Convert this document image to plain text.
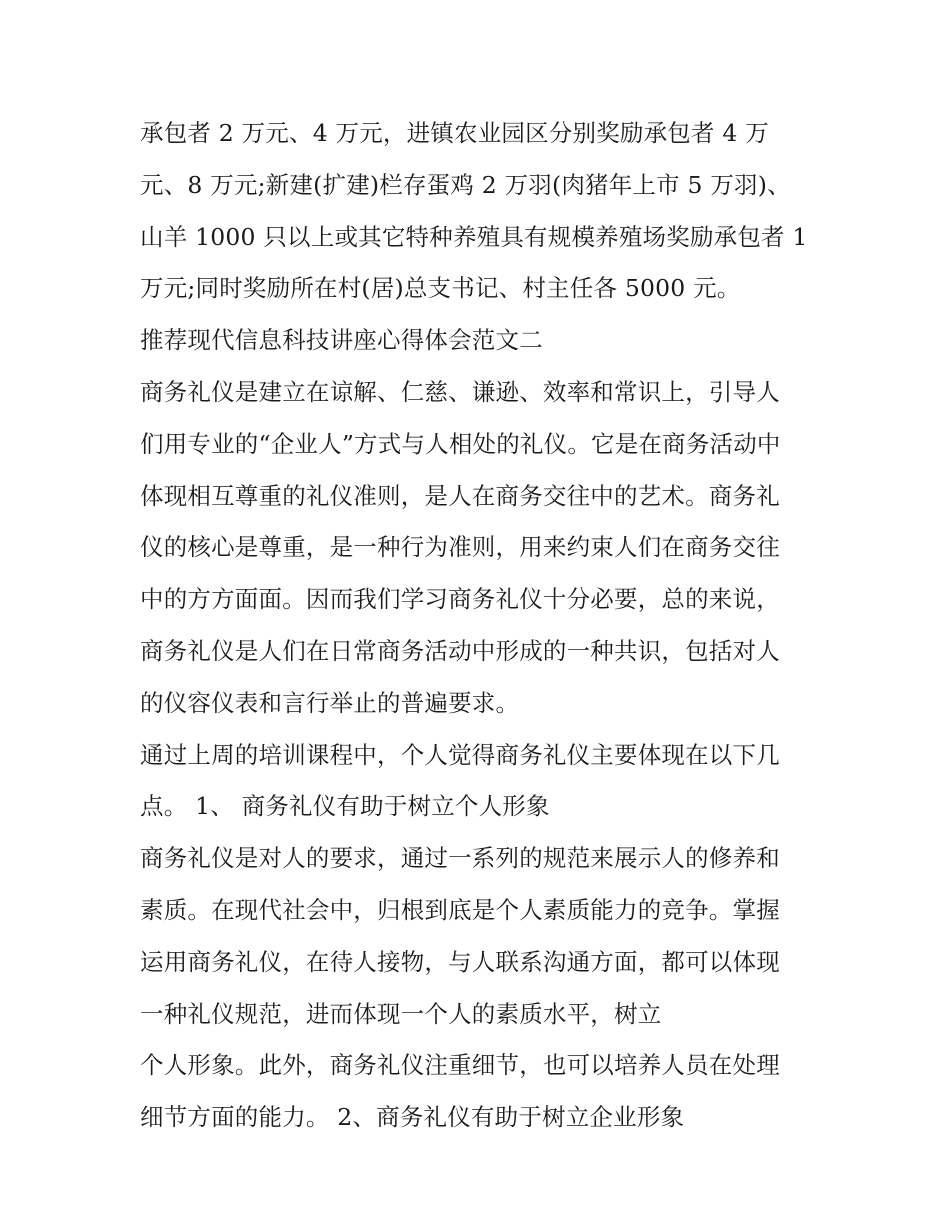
承包者 2 万元、4 万元，进镇农业园区分别奖励承包者 4 万
元、8 万元;新建(扩建)栏存蛋鸡 2 万羽(肉猪年上市 5 万羽)、
山羊 1000 只以上或其它特种养殖具有规模养殖场奖励承包者 1
万元;同时奖励所在村(居)总支书记、村主任各 5000 元。
推荐现代信息科技讲座心得体会范文二
商务礼仪是建立在谅解、仁慈、谦逊、效率和常识上，引导人
们用专业的“企业人”方式与人相处的礼仪。它是在商务活动中
体现相互尊重的礼仪准则，是人在商务交往中的艺术。商务礼
仪的核心是尊重，是一种行为准则，用来约束人们在商务交往
中的方方面面。因而我们学习商务礼仪十分必要，总的来说，
商务礼仪是人们在日常商务活动中形成的一种共识，包括对人
的仪容仪表和言行举止的普遍要求。
通过上周的培训课程中，个人觉得商务礼仪主要体现在以下几
点。 1、 商务礼仪有助于树立个人形象
商务礼仪是对人的要求，通过一系列的规范来展示人的修养和
素质。在现代社会中，归根到底是个人素质能力的竞争。掌握
运用商务礼仪，在待人接物，与人联系沟通方面，都可以体现
一种礼仪规范，进而体现一个人的素质水平，树立
个人形象。此外，商务礼仪注重细节，也可以培养人员在处理
细节方面的能力。 2、商务礼仪有助于树立企业形象
